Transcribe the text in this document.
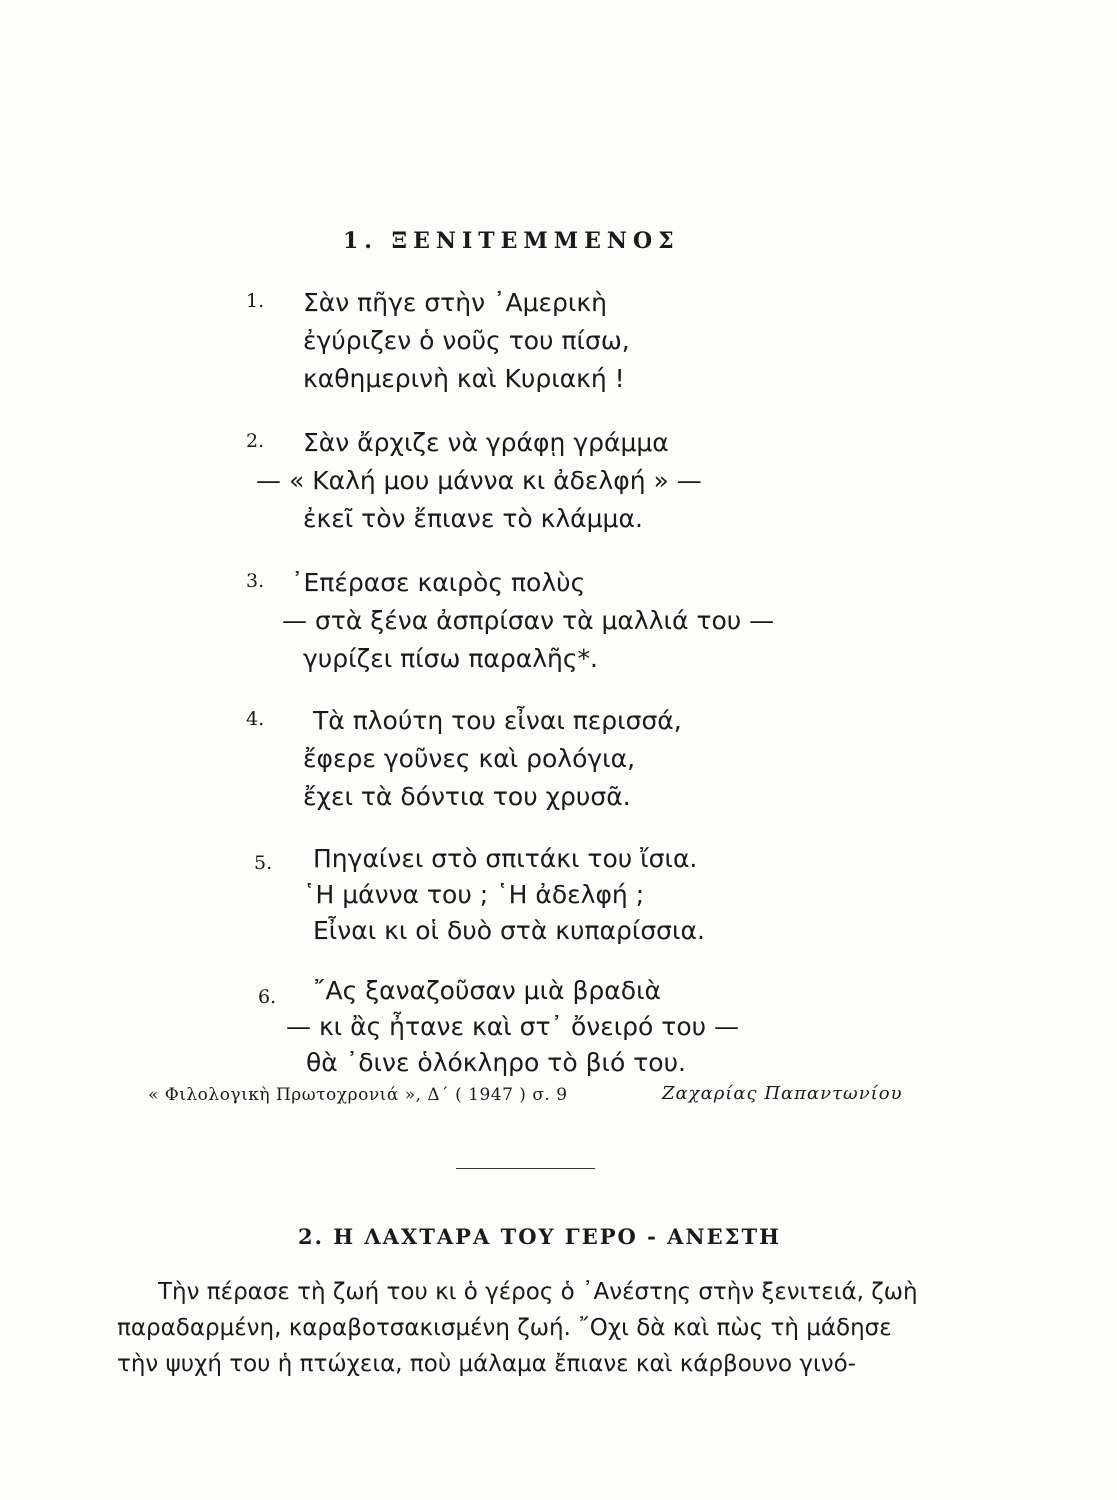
1. ΞΕΝΙΤΕΜΜΕΝΟΣ
1. Σὰν πῆγε στὴν ᾿Αμερικὴ
ἐγύριζεν ὁ νοῦς του πίσω,
καθημερινὴ καὶ Κυριακή !
2. Σὰν ἄρχιζε νὰ γράφῃ γράμμα
— « Καλή μου μάννα κι ἀδελφή » —
ἐκεῖ τὸν ἔπιανε τὸ κλάμμα.
3. ᾿Επέρασε καιρὸς πολὺς
— στὰ ξένα ἀσπρίσαν τὰ μαλλιά του —
γυρίζει πίσω παραλῆς*.
4. Τὰ πλούτη του εἶναι περισσά,
ἔφερε γοῦνες καὶ ρολόγια,
ἔχει τὰ δόντια του χρυσᾶ.
5. Πηγαίνει στὸ σπιτάκι του ἴσια.
῾Η μάννα του ; ῾Η ἀδελφή ;
Εἶναι κι οἱ δυὸ στὰ κυπαρίσσια.
6. ῎Ας ξαναζοῦσαν μιὰ βραδιὰ
— κι ἂς ἦτανε καὶ στ᾿ ὄνειρό του —
θὰ ᾿δινε ὁλόκληρο τὸ βιό του.
« Φιλολογικὴ Πρωτοχρονιά », Δ΄ ( 1947 ) σ. 9	Ζαχαρίας Παπαντωνίου
2. Η ΛΑΧΤΑΡΑ ΤΟΥ ΓΕΡΟ - ΑΝΕΣΤΗ
Τὴν πέρασε τὴ ζωή του κι ὁ γέρος ὁ ᾿Ανέστης στὴν ξενιτειά, ζωὴ
παραδαρμένη, καραβοτσακισμένη ζωή. ῎Οχι δὰ καὶ πὼς τὴ μάδησε
τὴν ψυχή του ἡ πτώχεια, ποὺ μάλαμα ἔπιανε καὶ κάρβουνο γινό-
